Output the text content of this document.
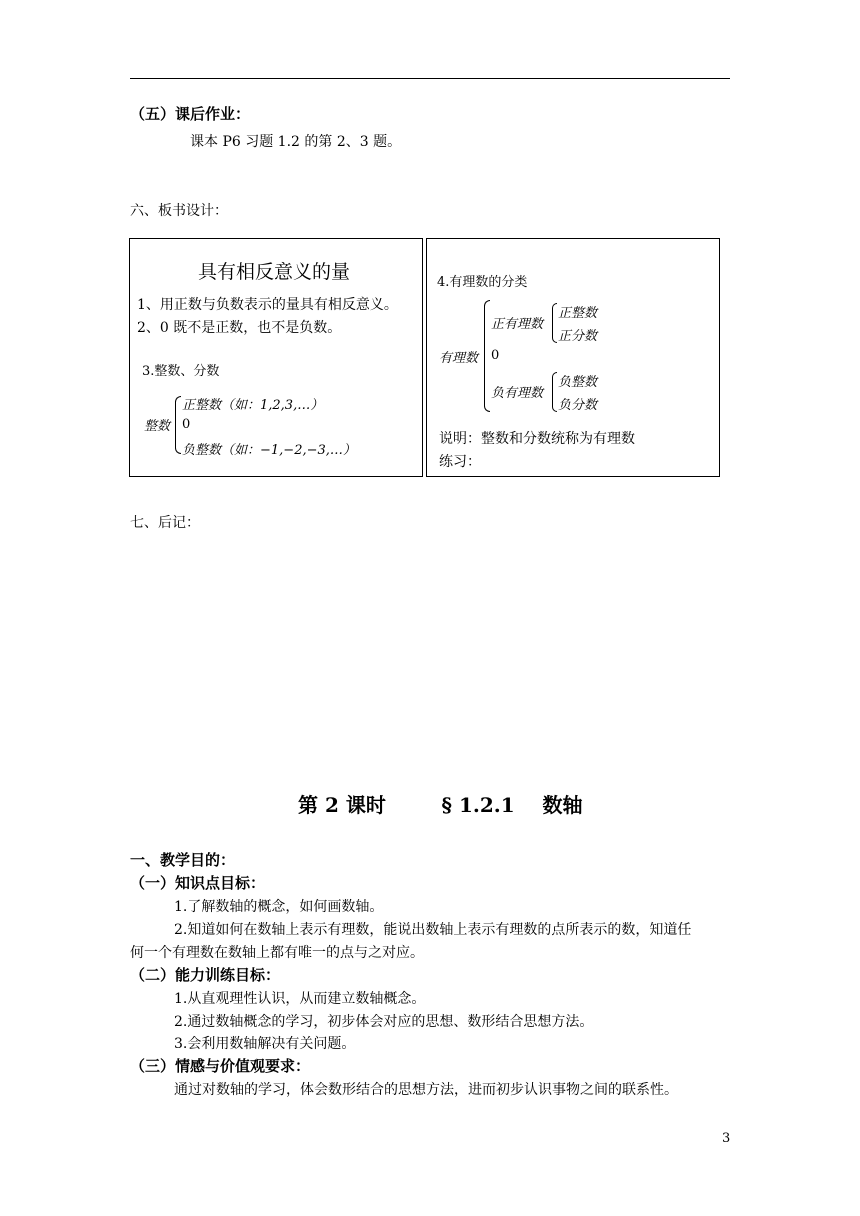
（五）课后作业：
课本 P6 习题 1.2 的第 2、3 题。
六、板书设计：
具有相反意义的量
1、用正数与负数表示的量具有相反意义。
2、0 既不是正数，也不是负数。
3.整数、分数
整数
正整数（如：1,2,3,…）
0
负整数（如：−1,−2,−3,…）
4.有理数的分类
有理数
正有理数
正整数
正分数
0
负有理数
负整数
负分数
说明：整数和分数统称为有理数
练习：
七、后记：
第 2 课时        § 1.2.1    数轴
一、教学目的：
（一）知识点目标：
1.了解数轴的概念，如何画数轴。
2.知道如何在数轴上表示有理数，能说出数轴上表示有理数的点所表示的数，知道任
何一个有理数在数轴上都有唯一的点与之对应。
（二）能力训练目标：
1.从直观理性认识，从而建立数轴概念。
2.通过数轴概念的学习，初步体会对应的思想、数形结合思想方法。
3.会利用数轴解决有关问题。
（三）情感与价值观要求：
通过对数轴的学习，体会数形结合的思想方法，进而初步认识事物之间的联系性。
3
